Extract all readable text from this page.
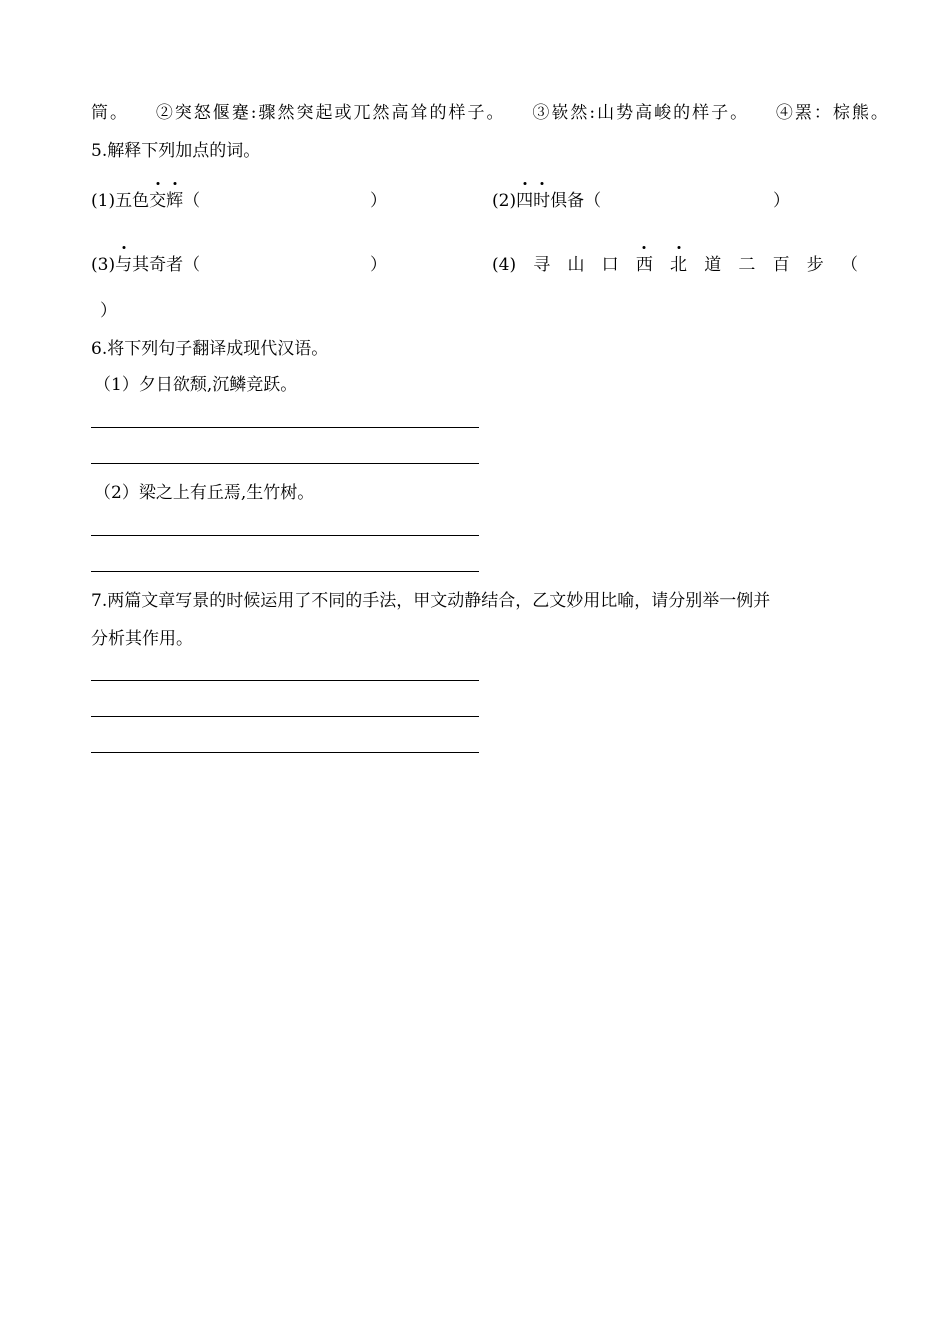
筒。 ②突怒偃蹇:骤然突起或兀然高耸的样子。 ③嵚然:山势高峻的样子。 ④罴：棕熊。
5.解释下列加点的词。
(1)五色交辉（	）	(2)四时俱备（	）
(3)与其奇者（	）	(4) 寻 山 口 西 北 道 二 百 步 （
）
6.将下列句子翻译成现代汉语。
（1）夕日欲颓,沉鳞竞跃。
（2）梁之上有丘焉,生竹树。
7.两篇文章写景的时候运用了不同的手法，甲文动静结合，乙文妙用比喻，请分别举一例并
分析其作用。
